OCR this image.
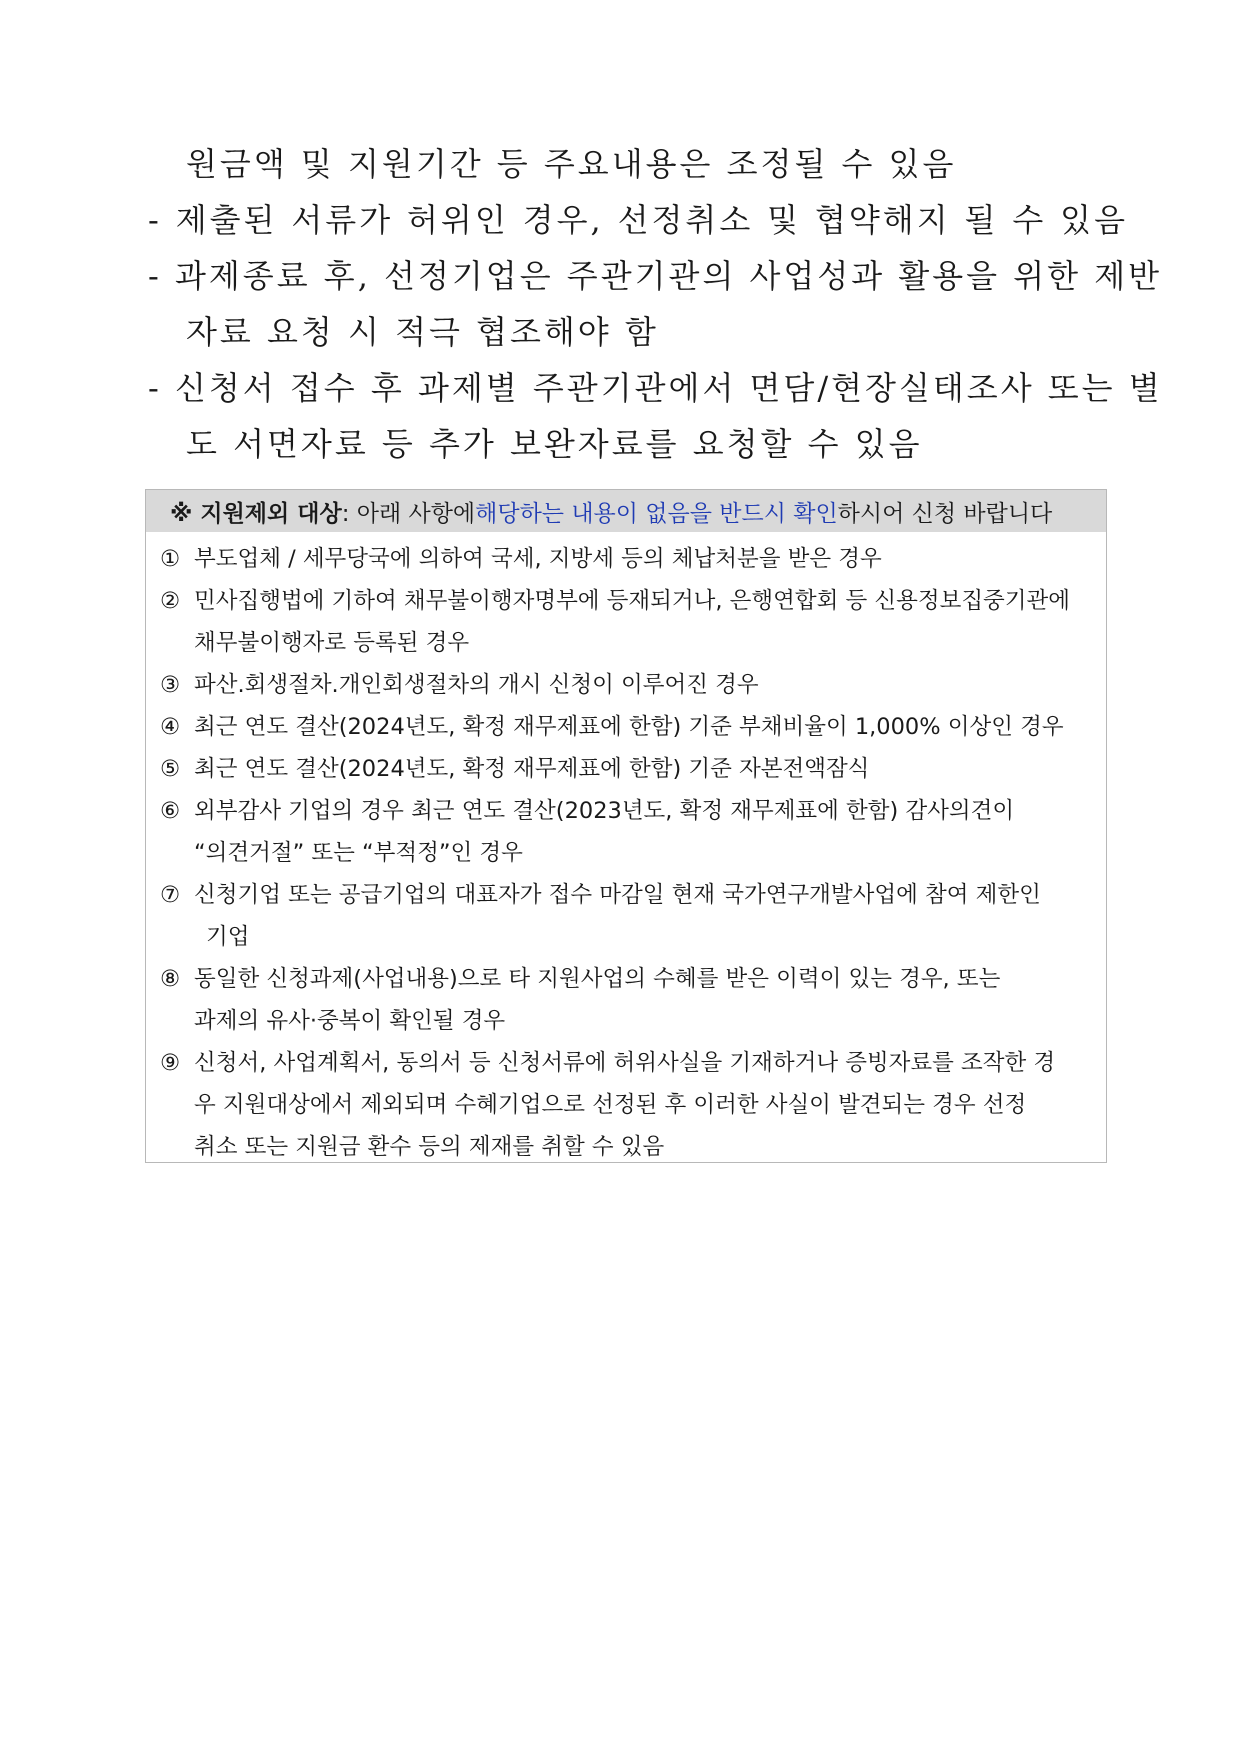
원금액 및 지원기간 등 주요내용은 조정될 수 있음
- 제출된 서류가 허위인 경우, 선정취소 및 협약해지 될 수 있음
- 과제종료 후, 선정기업은 주관기관의 사업성과 활용을 위한 제반
자료 요청 시 적극 협조해야 함
- 신청서 접수 후 과제별 주관기관에서 면담/현장실태조사 또는 별
도 서면자료 등 추가 보완자료를 요청할 수 있음
※ 지원제외 대상 : 아래 사항에 해당하는 내용이 없음을 반드시 확인 하시어 신청 바랍니다
① 부도업체 / 세무당국에 의하여 국세, 지방세 등의 체납처분을 받은 경우
② 민사집행법에 기하여 채무불이행자명부에 등재되거나, 은행연합회 등 신용정보집중기관에
채무불이행자로 등록된 경우
③ 파산.회생절차.개인회생절차의 개시 신청이 이루어진 경우
④ 최근 연도 결산(2024년도, 확정 재무제표에 한함) 기준 부채비율이 1,000% 이상인 경우
⑤ 최근 연도 결산(2024년도, 확정 재무제표에 한함) 기준 자본전액잠식
⑥ 외부감사 기업의 경우 최근 연도 결산(2023년도, 확정 재무제표에 한함) 감사의견이
“의견거절” 또는 “부적정”인 경우
⑦ 신청기업 또는 공급기업의 대표자가 접수 마감일 현재 국가연구개발사업에 참여 제한인
기업
⑧ 동일한 신청과제(사업내용)으로 타 지원사업의 수혜를 받은 이력이 있는 경우, 또는
과제의 유사·중복이 확인될 경우
⑨ 신청서, 사업계획서, 동의서 등 신청서류에 허위사실을 기재하거나 증빙자료를 조작한 경
우 지원대상에서 제외되며 수혜기업으로 선정된 후 이러한 사실이 발견되는 경우 선정
취소 또는 지원금 환수 등의 제재를 취할 수 있음
